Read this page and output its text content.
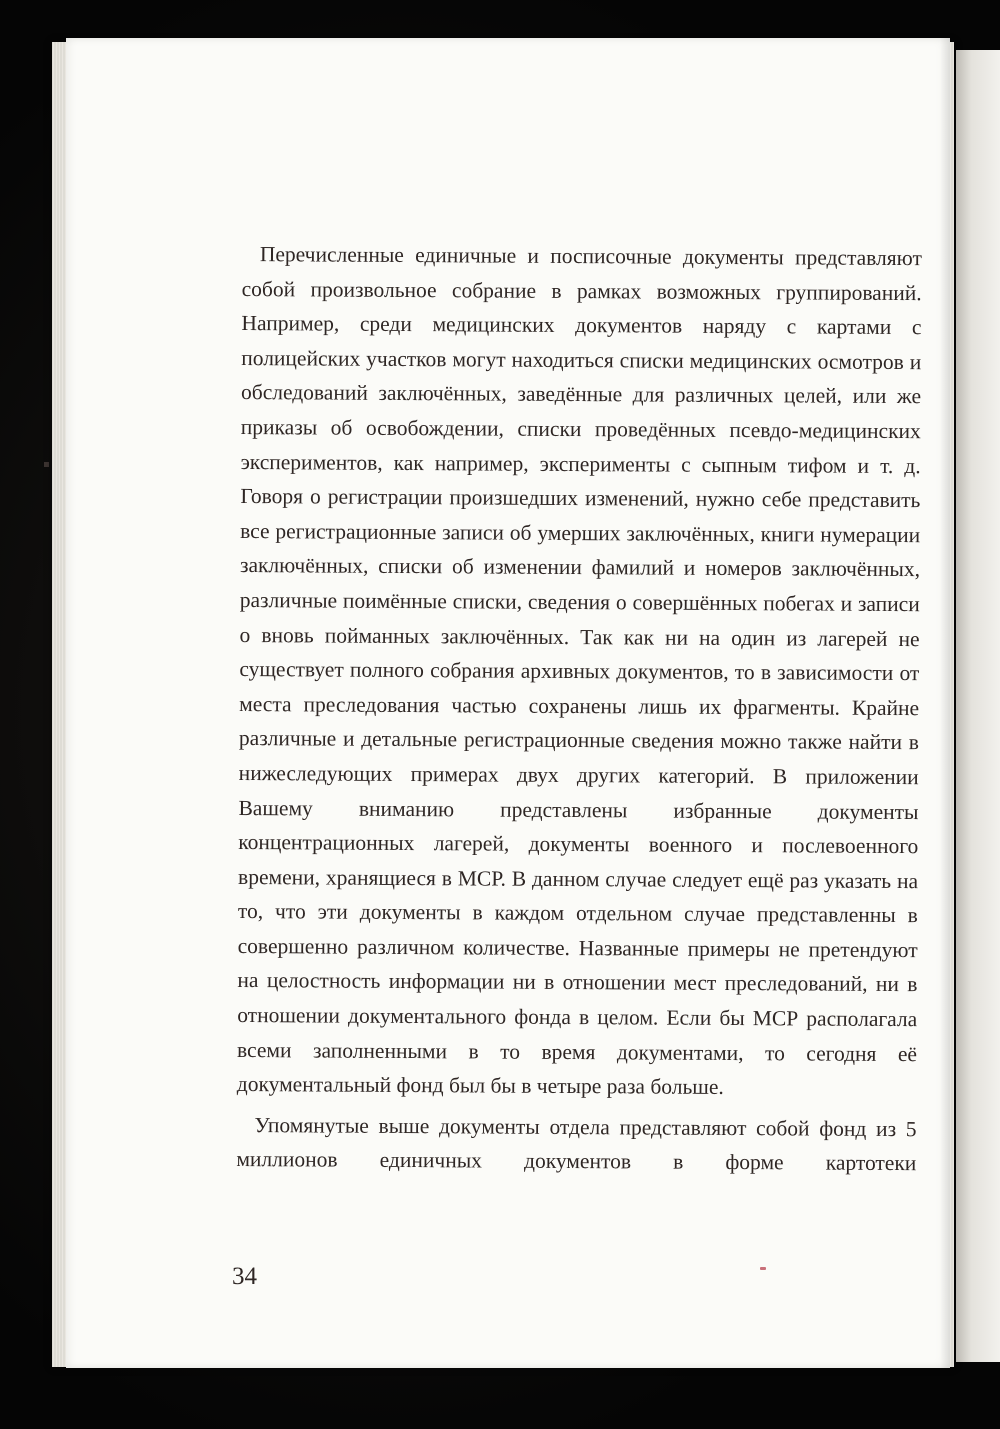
Перечисленные единичные и посписочные документы представляют собой произвольное собрание в рамках возможных группирований. Например, среди медицинских документов наряду с картами с полицейских участков могут находиться списки медицинских осмотров и обследований заключённых, заведённые для различных целей, или же приказы об освобождении, списки проведённых псевдо-медицинских экспериментов, как например, эксперименты с сыпным тифом и т. д. Говоря о регистрации произшедших изменений, нужно себе представить все регистрационные записи об умерших заключённых, книги нумерации заключённых, списки об изменении фамилий и номеров заключённых, различные поимённые списки, сведения о совершённых побегах и записи о вновь пойманных заключённых. Так как ни на один из лагерей не существует полного собрания архивных документов, то в зависимости от места преследования частью сохранены лишь их фрагменты. Крайне различные и детальные регистрационные сведения можно также найти в нижеследующих примерах двух других категорий. В приложении Вашему вниманию представлены избранные документы концентрационных лагерей, документы военного и послевоенного времени, хранящиеся в МСР. В данном случае следует ещё раз указать на то, что эти документы в каждом отдельном случае представленны в совершенно различном количестве. Названные примеры не претендуют на целостность информации ни в отношении мест преследований, ни в отношении документального фонда в целом. Если бы МСР располагала всеми заполненными в то время документами, то сегодня её документальный фонд был бы в четыре раза больше.

Упомянутые выше документы отдела представляют собой фонд из 5 миллионов единичных документов в форме картотеки

34
